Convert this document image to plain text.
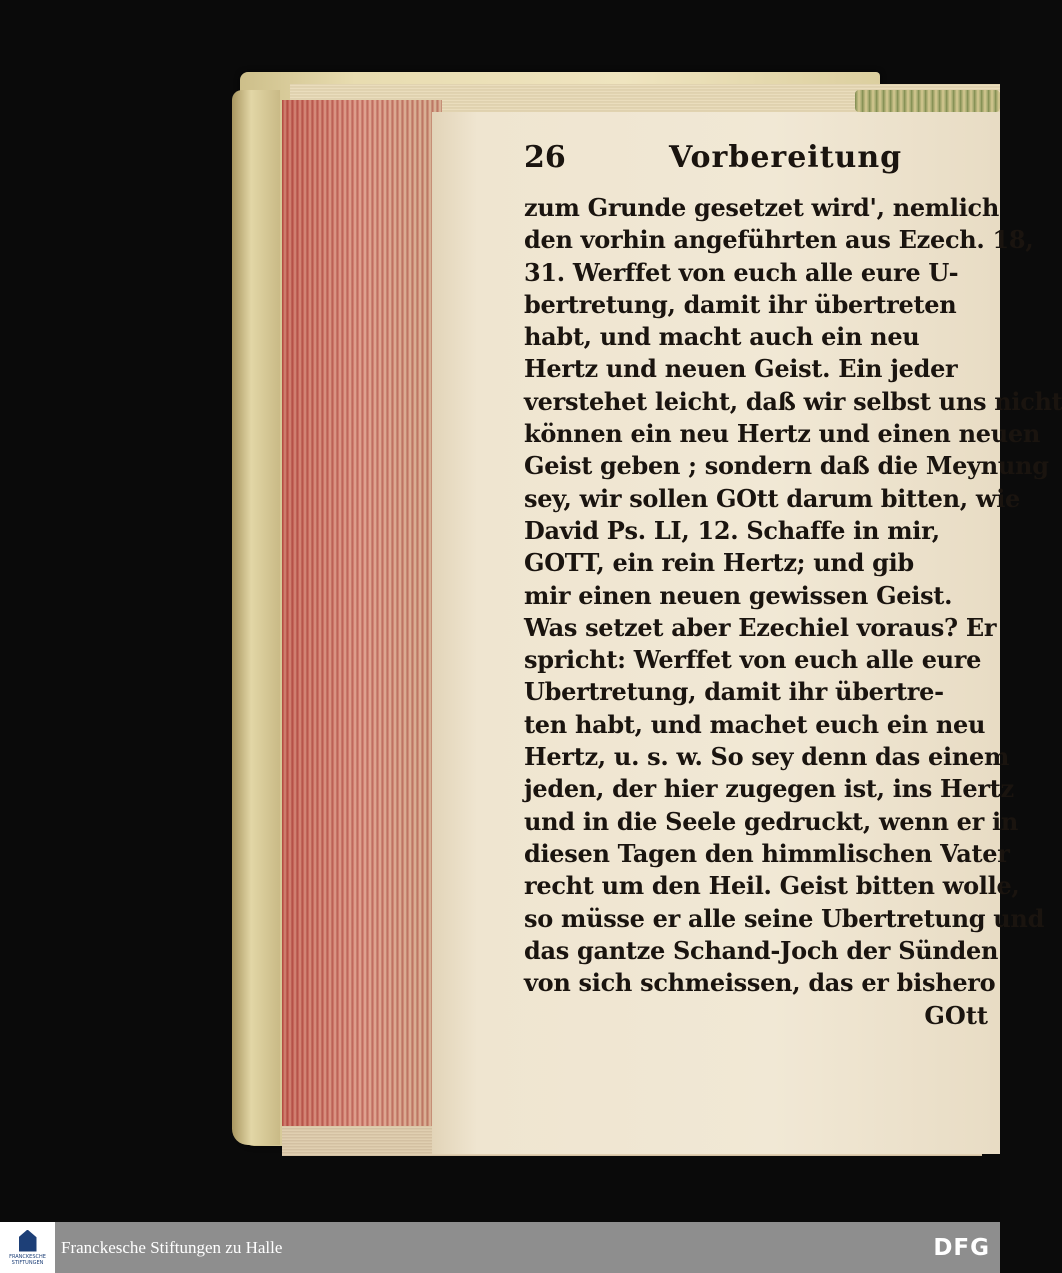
26	Vorbereitung
zum Grunde gesetzet wird', nemlich
den vorhin angeführten aus Ezech. 18,
31. Werffet von euch alle eure U-
bertretung, damit ihr übertreten
habt, und macht auch ein neu
Hertz und neuen Geist. Ein jeder
verstehet leicht, daß wir selbst uns nicht
können ein neu Hertz und einen neuen
Geist geben ; sondern daß die Meynung
sey, wir sollen GOtt darum bitten, wie
David Ps. LI, 12. Schaffe in mir,
GOTT, ein rein Hertz; und gib
mir einen neuen gewissen Geist.
Was setzet aber Ezechiel voraus? Er
spricht: Werffet von euch alle eure
Ubertretung, damit ihr übertre-
ten habt, und machet euch ein neu
Hertz, u. s. w. So sey denn das einem
jeden, der hier zugegen ist, ins Hertz
und in die Seele gedruckt, wenn er in
diesen Tagen den himmlischen Vater
recht um den Heil. Geist bitten wolle,
so müsse er alle seine Ubertretung und
das gantze Schand-Joch der Sünden
von sich schmeissen, das er bishero
GOtt
FRANCKESCHE STIFTUNGEN
Franckesche Stiftungen zu Halle	DFG
